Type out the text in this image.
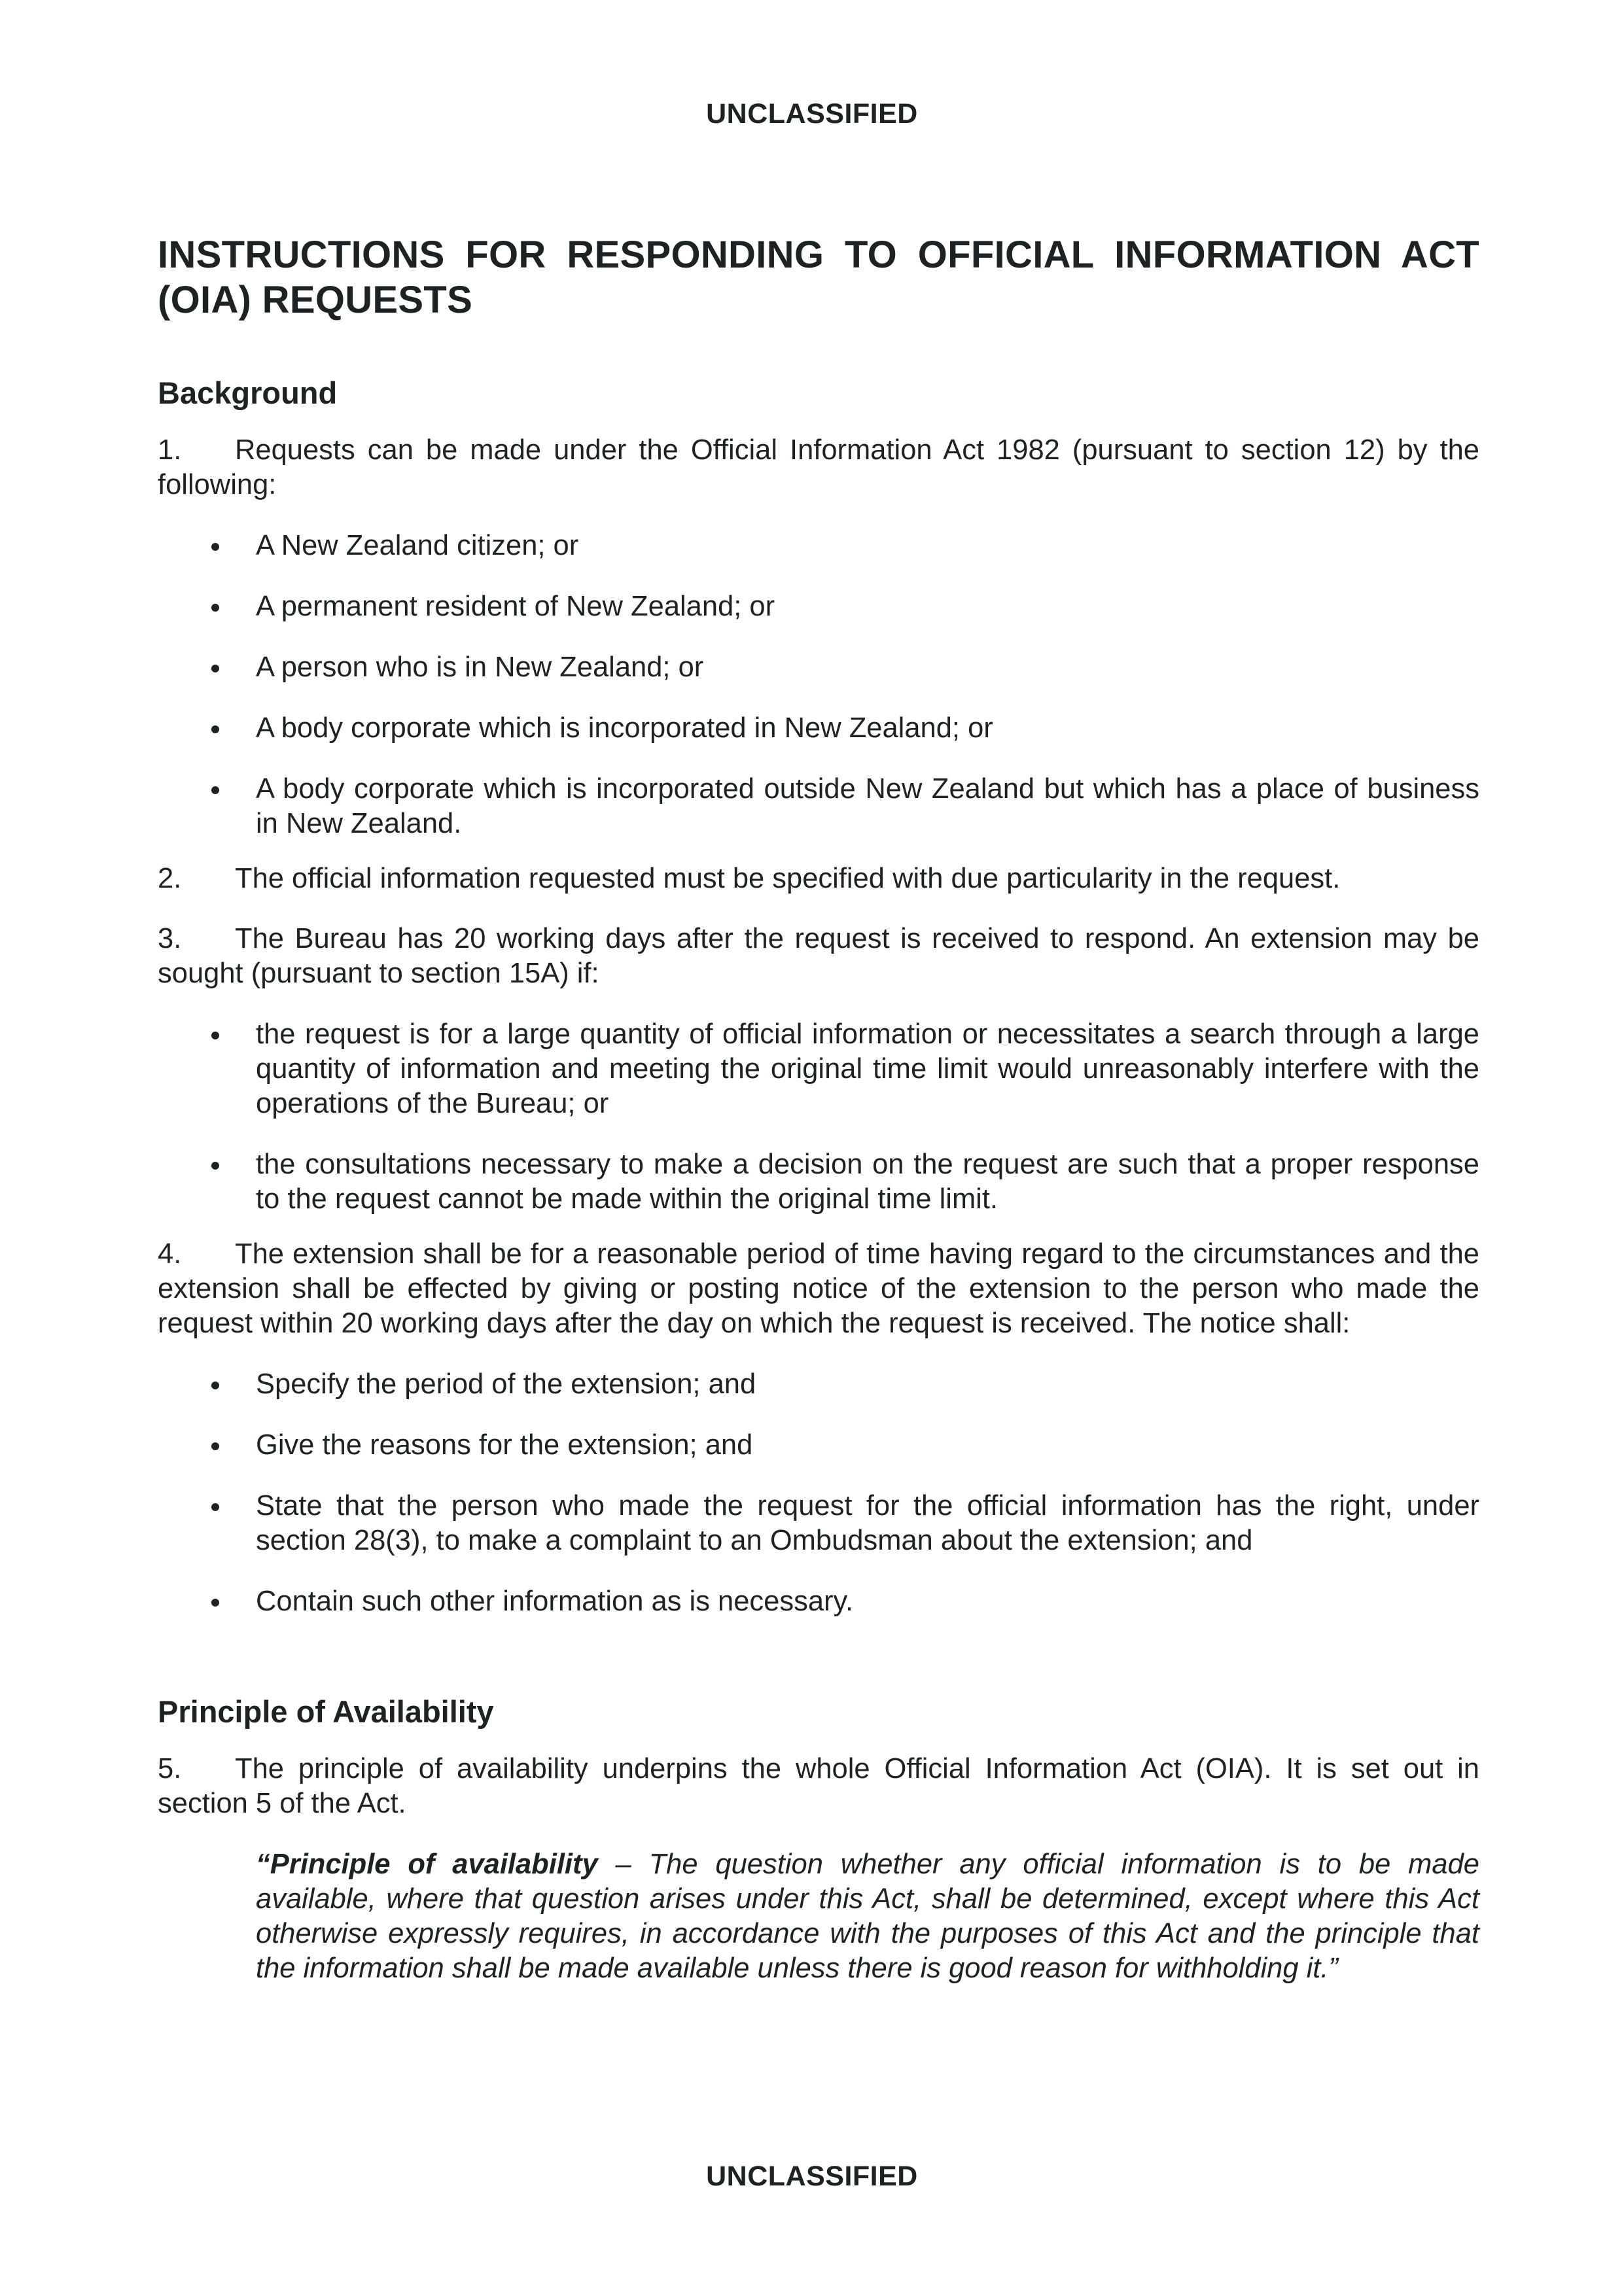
UNCLASSIFIED
INSTRUCTIONS FOR RESPONDING TO OFFICIAL INFORMATION ACT (OIA) REQUESTS
Background

1. Requests can be made under the Official Information Act 1982 (pursuant to section 12) by the following:

A New Zealand citizen; or
A permanent resident of New Zealand; or
A person who is in New Zealand; or
A body corporate which is incorporated in New Zealand; or
A body corporate which is incorporated outside New Zealand but which has a place of business in New Zealand.

2. The official information requested must be specified with due particularity in the request.

3. The Bureau has 20 working days after the request is received to respond. An extension may be sought (pursuant to section 15A) if:

the request is for a large quantity of official information or necessitates a search through a large quantity of information and meeting the original time limit would unreasonably interfere with the operations of the Bureau; or
the consultations necessary to make a decision on the request are such that a proper response to the request cannot be made within the original time limit.

4. The extension shall be for a reasonable period of time having regard to the circumstances and the extension shall be effected by giving or posting notice of the extension to the person who made the request within 20 working days after the day on which the request is received. The notice shall:

Specify the period of the extension; and
Give the reasons for the extension; and
State that the person who made the request for the official information has the right, under section 28(3), to make a complaint to an Ombudsman about the extension; and
Contain such other information as is necessary.
Principle of Availability

5. The principle of availability underpins the whole Official Information Act (OIA). It is set out in section 5 of the Act.

“Principle of availability – The question whether any official information is to be made available, where that question arises under this Act, shall be determined, except where this Act otherwise expressly requires, in accordance with the purposes of this Act and the principle that the information shall be made available unless there is good reason for withholding it.”

UNCLASSIFIED
